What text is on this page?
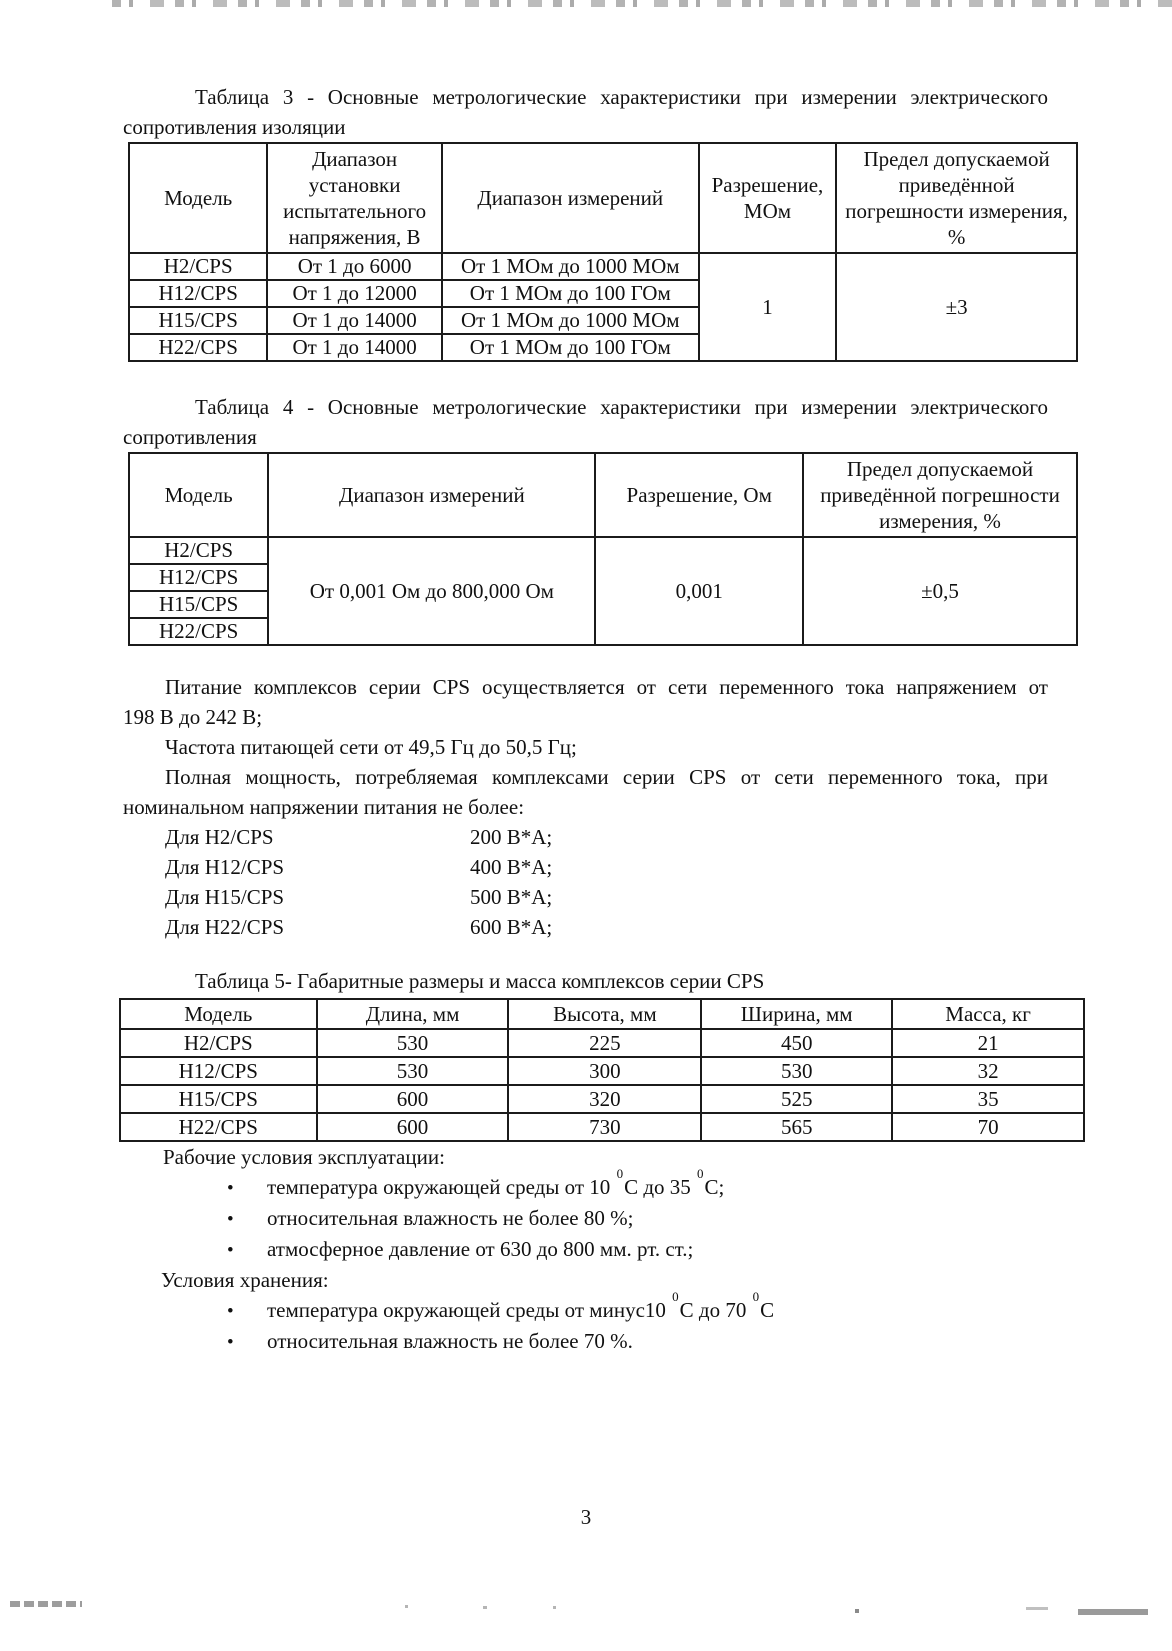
Таблица 3 - Основные метрологические характеристики при измерении электрического
сопротивления изоляции
Модель	Диапазон установки испытательного напряжения, В	Диапазон измерений	Разрешение, МОм	Предел допускаемой приведённой погрешности измерения, %
H2/CPS	От 1 до 6000	От 1 МОм до 1000 МОм	1	±3
H12/CPS	От 1 до 12000	От 1 МОм до 100 ГОм		
H15/CPS	От 1 до 14000	От 1 МОм до 1000 МОм		
H22/CPS	От 1 до 14000	От 1 МОм до 100 ГОм		
Таблица 4 - Основные метрологические характеристики при измерении электрического
сопротивления
Модель	Диапазон измерений	Разрешение, Ом	Предел допускаемой приведённой погрешности измерения, %
H2/CPS	От 0,001 Ом до 800,000 Ом	0,001	±0,5
H12/CPS			
H15/CPS			
H22/CPS			
Питание комплексов серии CPS осуществляется от сети переменного тока напряжением от
198 В до 242 В;
Частота питающей сети от 49,5 Гц до 50,5 Гц;
Полная мощность, потребляемая комплексами серии CPS от сети переменного тока, при
номинальном напряжении питания не более:
Для H2/CPS	200 В*А;
Для H12/CPS	400 В*А;
Для H15/CPS	500 В*А;
Для H22/CPS	600 В*А;
Таблица 5- Габаритные размеры и масса комплексов серии CPS
Модель	Длина, мм	Высота, мм	Ширина, мм	Масса, кг
H2/CPS	530	225	450	21
H12/CPS	530	300	530	32
H15/CPS	600	320	525	35
H22/CPS	600	730	565	70
Рабочие условия эксплуатации:
• температура окружающей среды от 10 $^0$С до 35 $^0$С;
• относительная влажность не более 80 %;
• атмосферное давление от 630 до 800 мм. рт. ст.;
Условия хранения:
• температура окружающей среды от минус10 $^0$С до 70 $^0$С
• относительная влажность не более 70 %.
3
